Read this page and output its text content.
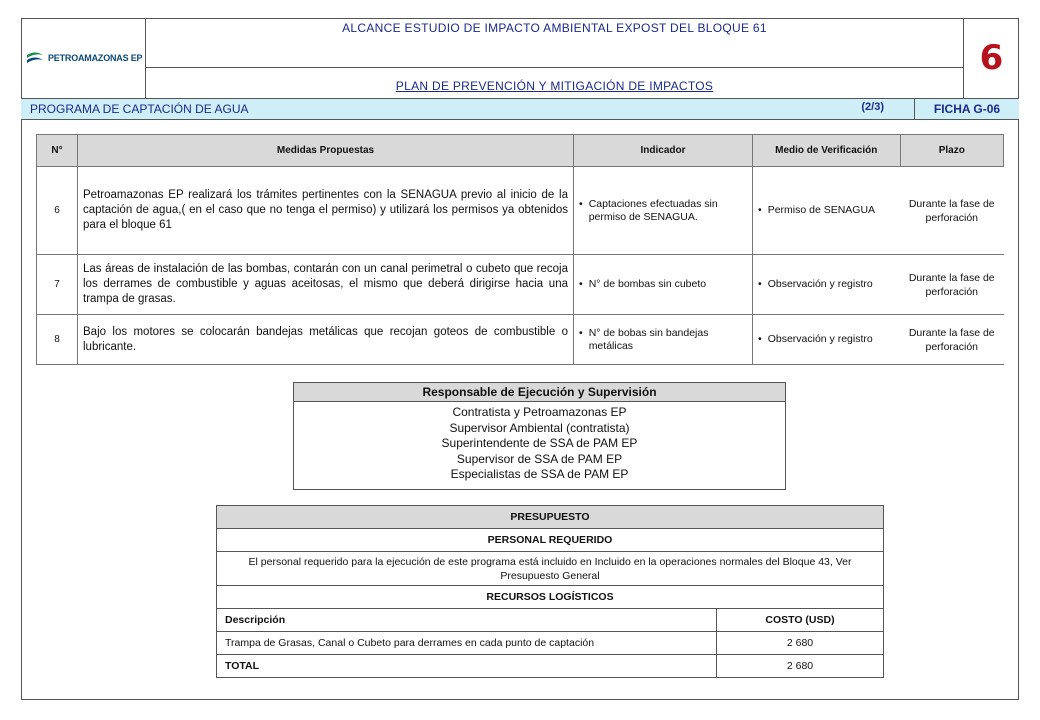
PETROAMAZONAS EP
ALCANCE ESTUDIO DE IMPACTO AMBIENTAL EXPOST DEL BLOQUE 61
PLAN DE PREVENCIÓN Y MITIGACIÓN DE IMPACTOS
6
PROGRAMA DE CAPTACIÓN DE AGUA	(2/3)	FICHA G-06
N°	Medidas Propuestas	Indicador	Medio de Verificación	Plazo
6	Petroamazonas EP realizará los trámites pertinentes con la SENAGUA previo al inicio de la captación de agua,( en el caso que no tenga el permiso) y utilizará los permisos ya obtenidos para el bloque 61	• Captaciones efectuadas sin permiso de SENAGUA.	• Permiso de SENAGUA	Durante la fase de perforación
7	Las áreas de instalación de las bombas, contarán con un canal perimetral o cubeto que recoja los derrames de combustible y aguas aceitosas, el mismo que deberá dirigirse hacia una trampa de grasas.	• N° de bombas sin cubeto	• Observación y registro	Durante la fase de perforación
8	Bajo los motores se colocarán bandejas metálicas que recojan goteos de combustible o lubricante.	• N° de bobas sin bandejas metálicas	• Observación y registro	Durante la fase de perforación
Responsable de Ejecución y Supervisión
Contratista y Petroamazonas EP
Supervisor Ambiental (contratista)
Superintendente de SSA de PAM EP
Supervisor de SSA de PAM EP
Especialistas de SSA de PAM EP
PRESUPUESTO	
PERSONAL REQUERIDO	
El personal requerido para la ejecución de este programa está incluido en Incluido en la operaciones normales del Bloque 43, Ver Presupuesto General	
RECURSOS LOGÍSTICOS	
Descripción	COSTO (USD)
Trampa de Grasas, Canal o Cubeto para derrames en cada punto de captación	2 680
TOTAL	2 680
